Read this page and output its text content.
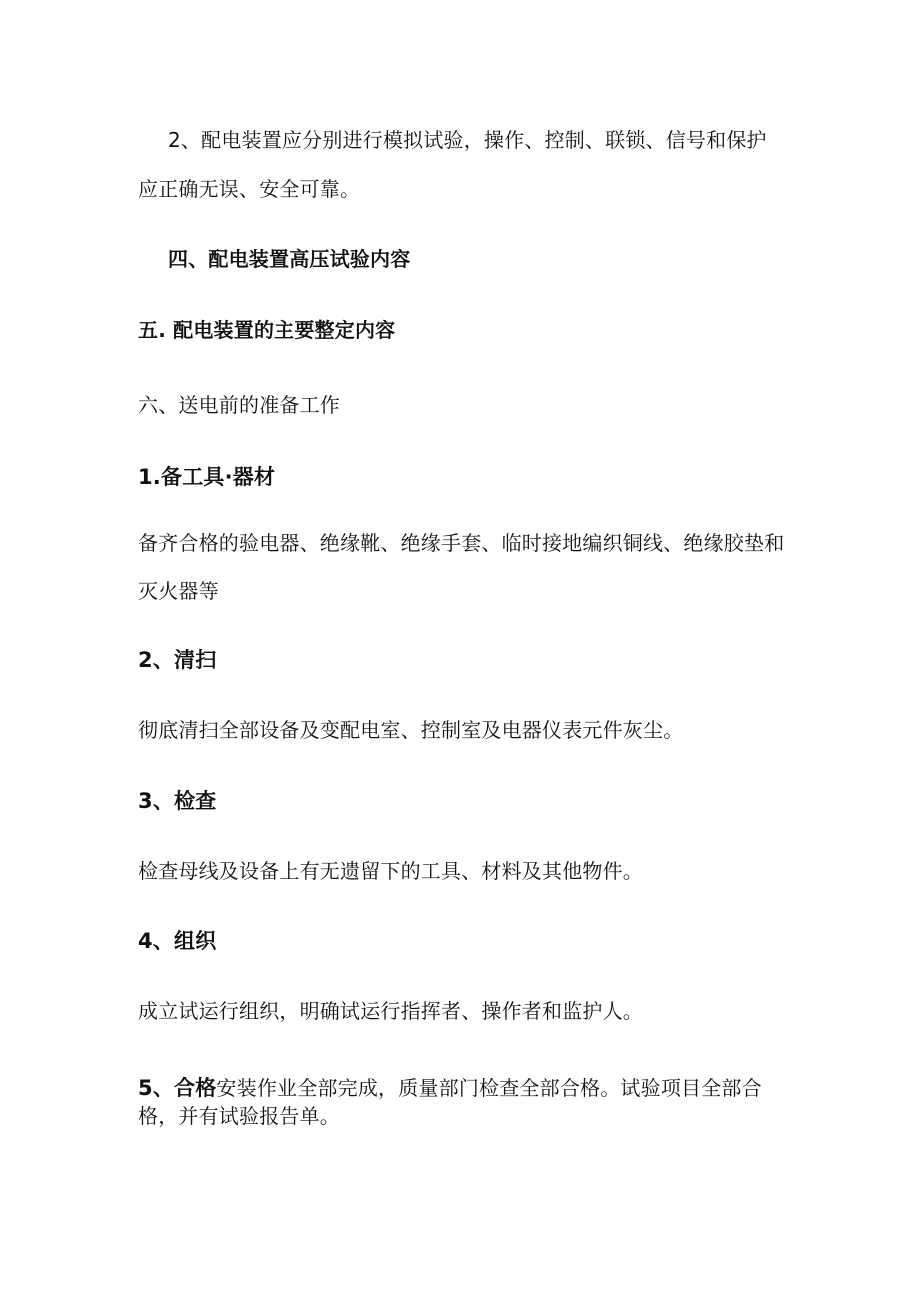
2、配电装置应分别进行模拟试验，操作、控制、联锁、信号和保护
应正确无误、安全可靠。
四、配电装置高压试验内容
五. 配电装置的主要整定内容
六、送电前的准备工作
1.备工具·器材
备齐合格的验电器、绝缘靴、绝缘手套、临时接地编织铜线、绝缘胶垫和
灭火器等
2、清扫
彻底清扫全部设备及变配电室、控制室及电器仪表元件灰尘。
3、检查
检查母线及设备上有无遗留下的工具、材料及其他物件。
4、组织
成立试运行组织，明确试运行指挥者、操作者和监护人。
5、合格安装作业全部完成，质量部门检查全部合格。试验项目全部合
格，并有试验报告单。
